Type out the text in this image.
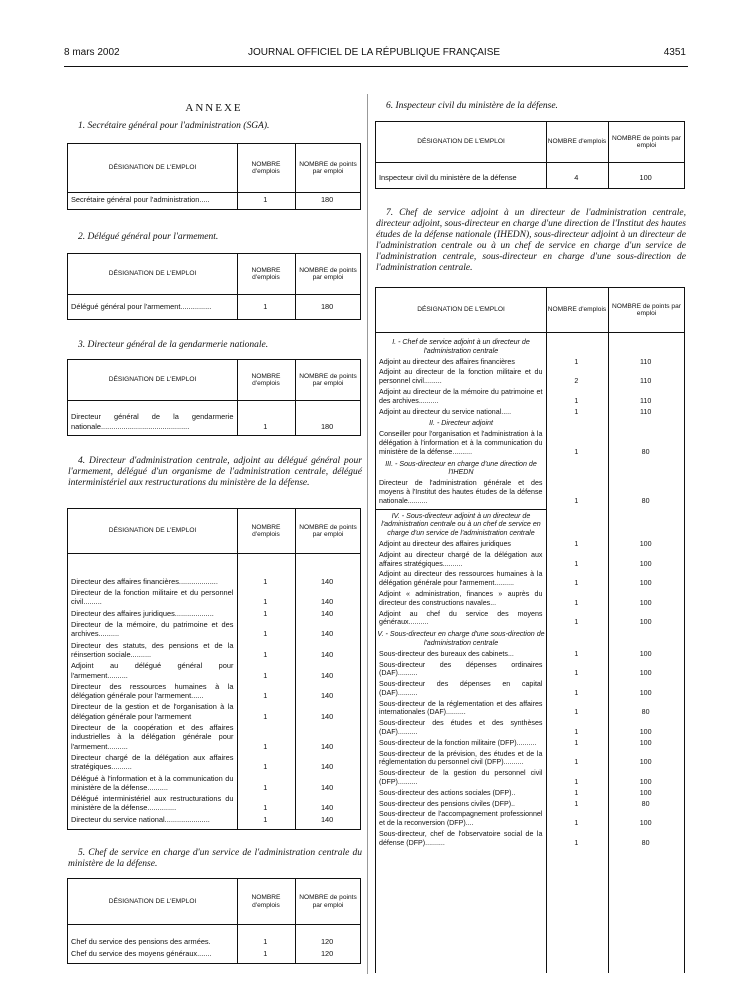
8 mars 2002	JOURNAL OFFICIEL DE LA RÉPUBLIQUE FRANÇAISE	4351
ANNEXE
1. Secrétaire général pour l'administration (SGA).
DÉSIGNATION DE L'EMPLOI
NOMBRE d'emplois
NOMBRE de points par emploi
Secrétaire général pour l'administration.....	1	180
2. Délégué général pour l'armement.
DÉSIGNATION DE L'EMPLOI
NOMBRE d'emplois
NOMBRE de points par emploi
Délégué général pour l'armement...............	1	180
3. Directeur général de la gendarmerie nationale.
DÉSIGNATION DE L'EMPLOI
NOMBRE d'emplois
NOMBRE de points par emploi
Directeur général de la gendarmerie nationale...........................................	1	180
4. Directeur d'administration centrale, adjoint au délégué général pour l'armement, délégué d'un organisme de l'administration centrale, délégué interministériel aux restructurations du ministère de la défense.
DÉSIGNATION DE L'EMPLOI
NOMBRE d'emplois
NOMBRE de points par emploi
Directeur des affaires financières...................	1	140
Directeur de la fonction militaire et du personnel civil.........	1	140
Directeur des affaires juridiques...................	1	140
Directeur de la mémoire, du patrimoine et des archives..........	1	140
Directeur des statuts, des pensions et de la réinsertion sociale..........	1	140
Adjoint au délégué général pour l'armement..........	1	140
Directeur des ressources humaines à la délégation générale pour l'armement......	1	140
Directeur de la gestion et de l'organisation à la délégation générale pour l'armement	1	140
Directeur de la coopération et des affaires industrielles à la délégation générale pour l'armement..........	1	140
Directeur chargé de la délégation aux affaires stratégiques..........	1	140
Délégué à l'information et à la communication du ministère de la défense..........	1	140
Délégué interministériel aux restructurations du ministère de la défense..............	1	140
Directeur du service national......................	1	140
5. Chef de service en charge d'un service de l'administration centrale du ministère de la défense.
DÉSIGNATION DE L'EMPLOI
NOMBRE d'emplois
NOMBRE de points par emploi
Chef du service des pensions des armées.	1	120
Chef du service des moyens généraux.......	1	120
6. Inspecteur civil du ministère de la défense.
DÉSIGNATION DE L'EMPLOI	NOMBRE d'emplois
NOMBRE de points par emploi
Inspecteur civil du ministère de la défense	4	100
7. Chef de service adjoint à un directeur de l'administration centrale, directeur adjoint, sous-directeur en charge d'une direction de l'Institut des hautes études de la défense nationale (IHEDN), sous-directeur adjoint à un directeur de l'administration centrale ou à un chef de service en charge d'un service de l'administration centrale, sous-directeur en charge d'une sous-direction de l'administration centrale.
DÉSIGNATION DE L'EMPLOI	NOMBRE d'emplois
NOMBRE de points par emploi
I. - Chef de service adjoint à un directeur de l'administration centrale
Adjoint au directeur des affaires financières	1	110
Adjoint au directeur de la fonction militaire et du personnel civil.........	2	110
Adjoint au directeur de la mémoire du patrimoine et des archives..........	1	110
Adjoint au directeur du service national.....	1	110
II. - Directeur adjoint
Conseiller pour l'organisation et l'administration à la délégation à l'information et à la communication du ministère de la défense..........	1	80
III. - Sous-directeur en charge d'une direction de l'IHEDN
Directeur de l'administration générale et des moyens à l'Institut des hautes études de la défense nationale..........	1	80
IV. - Sous-directeur adjoint à un directeur de l'administration centrale ou à un chef de service en charge d'un service de l'administration centrale
Adjoint au directeur des affaires juridiques	1	100
Adjoint au directeur chargé de la délégation aux affaires stratégiques..........	1	100
Adjoint au directeur des ressources humaines à la délégation générale pour l'armement..........	1	100
Adjoint « administration, finances » auprès du directeur des constructions navales...	1	100
Adjoint au chef du service des moyens généraux..........	1	100
V. - Sous-directeur en charge d'une sous-direction de l'administration centrale
Sous-directeur des bureaux des cabinets...	1	100
Sous-directeur des dépenses ordinaires (DAF)..........	1	100
Sous-directeur des dépenses en capital (DAF)..........	1	100
Sous-directeur de la réglementation et des affaires internationales (DAF)..........	1	80
Sous-directeur des études et des synthèses (DAF)..........	1	100
Sous-directeur de la fonction militaire (DFP)..........	1	100
Sous-directeur de la prévision, des études et de la réglementation du personnel civil (DFP)..........	1	100
Sous-directeur de la gestion du personnel civil (DFP)..........	1	100
Sous-directeur des actions sociales (DFP)..	1	100
Sous-directeur des pensions civiles (DFP)..	1	80
Sous-directeur de l'accompagnement professionnel et de la reconversion (DFP)....	1	100
Sous-directeur, chef de l'observatoire social de la défense (DFP)..........	1	80
